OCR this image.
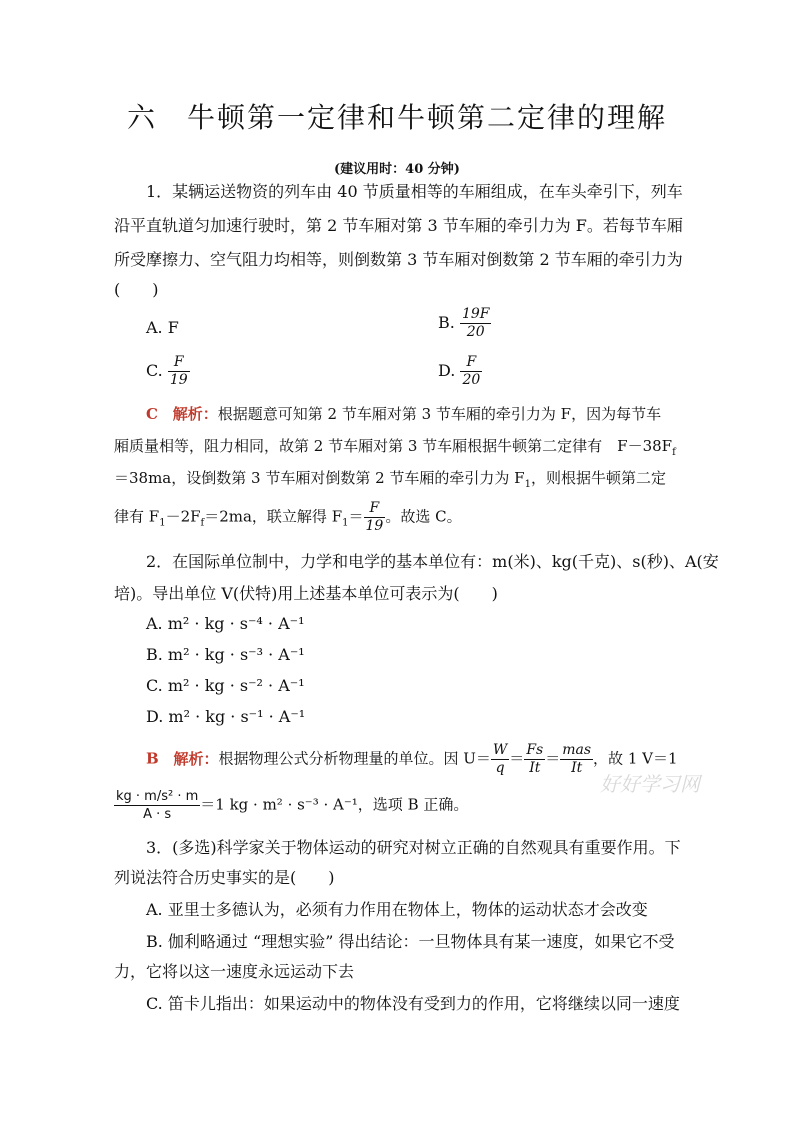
六　牛顿第一定律和牛顿第二定律的理解
(建议用时：40 分钟)
1．某辆运送物资的列车由 40 节质量相等的车厢组成，在车头牵引下，列车
沿平直轨道匀加速行驶时，第 2 节车厢对第 3 节车厢的牵引力为 F。若每节车厢
所受摩擦力、空气阻力均相等，则倒数第 3 节车厢对倒数第 2 节车厢的牵引力为
(　　)
A. F	B. $\frac{19F}{20}$
C. $\frac{F}{19}$	D. $\frac{F}{20}$
C 解析：根据题意可知第 2 节车厢对第 3 节车厢的牵引力为 F，因为每节车
厢质量相等，阻力相同，故第 2 节车厢对第 3 节车厢根据牛顿第二定律有　$F-38F_f$
＝38ma，设倒数第 3 节车厢对倒数第 2 节车厢的牵引力为 $F_1$，则根据牛顿第二定
律有 $F_1-2F_f=2ma$，联立解得 $F_1= \frac{F}{19}$ 。故选 C。
2．在国际单位制中，力学和电学的基本单位有：m(米)、kg(千克)、s(秒)、A(安
培)。导出单位 V(伏特)用上述基本单位可表示为(　　)
A. m² · kg · s⁻⁴ · A⁻¹
B. m² · kg · s⁻³ · A⁻¹
C. m² · kg · s⁻² · A⁻¹
D. m² · kg · s⁻¹ · A⁻¹
B 解析：根据物理公式分析物理量的单位。因 $U= \frac{W}{q} = \frac{Fs}{It} = \frac{\text{mas}}{It}$ ，故 1 V＝1
好好学习网
$\frac{\text{kg · m/s² · m}}{A \cdot s} =1$ kg · m² · s⁻³ · A⁻¹，选项 B 正确。
3．(多选)科学家关于物体运动的研究对树立正确的自然观具有重要作用。下
列说法符合历史事实的是(　　)
A. 亚里士多德认为，必须有力作用在物体上，物体的运动状态才会改变
B. 伽利略通过 “理想实验” 得出结论：一旦物体具有某一速度，如果它不受
力，它将以这一速度永远运动下去
C. 笛卡儿指出：如果运动中的物体没有受到力的作用，它将继续以同一速度
